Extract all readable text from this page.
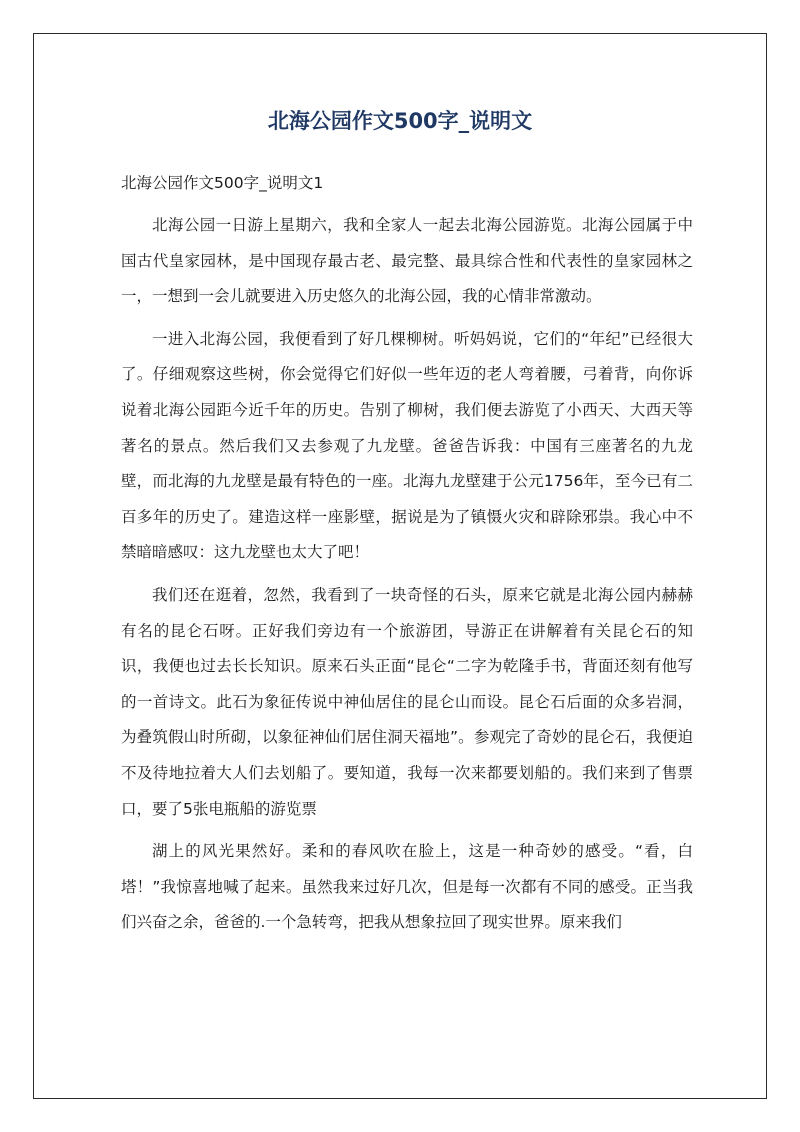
北海公园作文500字_说明文

北海公园作文500字_说明文1

北海公园一日游上星期六，我和全家人一起去北海公园游览。北海公园属于中国古代皇家园林，是中国现存最古老、最完整、最具综合性和代表性的皇家园林之一，一想到一会儿就要进入历史悠久的北海公园，我的心情非常激动。

一进入北海公园，我便看到了好几棵柳树。听妈妈说，它们的“年纪”已经很大了。仔细观察这些树，你会觉得它们好似一些年迈的老人弯着腰，弓着背，向你诉说着北海公园距今近千年的历史。告别了柳树，我们便去游览了小西天、大西天等著名的景点。然后我们又去参观了九龙壁。爸爸告诉我：中国有三座著名的九龙壁，而北海的九龙壁是最有特色的一座。北海九龙壁建于公元1756年，至今已有二百多年的历史了。建造这样一座影壁，据说是为了镇慑火灾和辟除邪祟。我心中不禁暗暗感叹：这九龙壁也太大了吧！

我们还在逛着，忽然，我看到了一块奇怪的石头，原来它就是北海公园内赫赫有名的昆仑石呀。正好我们旁边有一个旅游团，导游正在讲解着有关昆仑石的知识，我便也过去长长知识。原来石头正面“昆仑“二字为乾隆手书，背面还刻有他写的一首诗文。此石为象征传说中神仙居住的昆仑山而设。昆仑石后面的众多岩洞，为叠筑假山时所砌，以象征神仙们居住洞天福地”。参观完了奇妙的昆仑石，我便迫不及待地拉着大人们去划船了。要知道，我每一次来都要划船的。我们来到了售票口，要了5张电瓶船的游览票

湖上的风光果然好。柔和的春风吹在脸上，这是一种奇妙的感受。“看，白塔！”我惊喜地喊了起来。虽然我来过好几次，但是每一次都有不同的感受。正当我们兴奋之余，爸爸的.一个急转弯，把我从想象拉回了现实世界。原来我们
